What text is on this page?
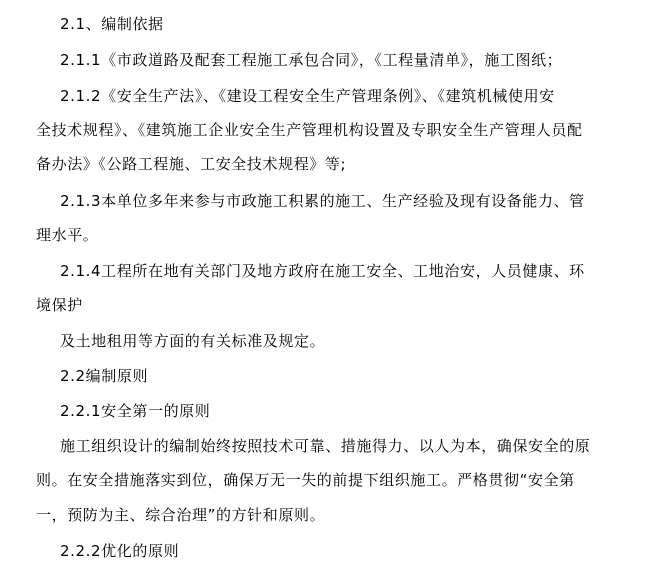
2.1、编制依据
2.1.1《市政道路及配套工程施工承包合同》，《工程量清单》，施工图纸；
2.1.2《安全生产法》、《建设工程安全生产管理条例》、《建筑机械使用安
全技术规程》、《建筑施工企业安全生产管理机构设置及专职安全生产管理人员配
备办法》《公路工程施、工安全技术规程》等;
2.1.3本单位多年来参与市政施工积累的施工、生产经验及现有设备能力、管
理水平。
2.1.4工程所在地有关部门及地方政府在施工安全、工地治安，人员健康、环
境保护
及土地租用等方面的有关标准及规定。
2.2编制原则
2.2.1安全第一的原则
施工组织设计的编制始终按照技术可靠、措施得力、以人为本，确保安全的原
则。在安全措施落实到位，确保万无一失的前提下组织施工。严格贯彻“安全第
一，预防为主、综合治理”的方针和原则。
2.2.2优化的原则
